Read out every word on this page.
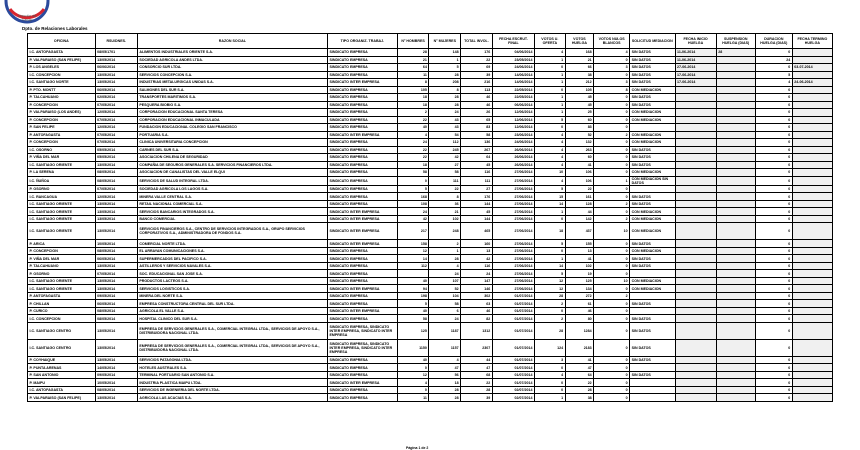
Dirección del
Trabajo
Dpto. de Relaciones Laborales
OFICINA	RSU/DNES.	RAZON SOCIAL	TIPO ORGANIZ. TRABAJ.	N° HOMBRES	N° MUJERES	TOTAL INVOL.	FECHA ESCRUT. FINAL	VOTOS U. OFERTA	VOTOS HUELGA	VOTOS NULOS BLANCOS	SOLICITUD MEDIACION	FECHA INICIO HUELGA	SUSPENSION HUELGA (DIAS)	DURACION HUELGA (DIAS)	FECHA TERMINO HUELGA
I.C. ANTOFAGASTA	08/05/1701	ALIMENTOS INDUSTRIALES ORIENTE S.A.	SINDICATO EMPRESA	28	148	176	04/06/2014	4	168	4	SIN DATOS	11-06-2014	28	0	
P. VALPARAISO (SAN FELIPE)	13/05/2014	SOCIEDAD AGRICOLA ANDES LTDA.	SINDICATO EMPRESA	21	1	22	23/05/2014	1	21	0	SIN DATOS	11-06-2014		24	
P. LOS ANGELES	06/06/2014	CONSORCIO SUR LTDA.	SINDICATO EMPRESA	64	5	69	24/06/2014	0	66	3	SIN DATOS	27-06-2014		0	03-07-2014
I.C. CONCEPCION	13/05/2014	SERVICIOS CONCEPCION S.A.	SINDICATO EMPRESA	11	28	39	14/06/2014	1	38	0	SIN DATOS	17-06-2014		5	
I.C. SANTIAGO NORTE	13/05/2014	INDUSTRIAS METALURGICAS UNIDAS S.A.	SINDICATO INTER EMPRESA	8	208	216	14/06/2014	1	212	3	SIN DATOS	17-06-2014		4	24-06-2014
P. PTO. MONTT	06/05/2014	SALMONES DEL SUR S.A.	SINDICATO EMPRESA	105	8	113	22/05/2014	0	105	8	CON MEDIACION			0	
P. TALCAHUANO	02/05/2014	TRANSPORTES MARITIMOS S.A.	SINDICATO EMPRESA	18	28	46	22/05/2014	1	45	0	SIN DATOS			0	
P. CONCEPCION	07/05/2014	PESQUERA BIOBIO S.A.	SINDICATO EMPRESA	18	28	46	06/06/2014	1	45	0	SIN DATOS			0	
P. VALPARAISO (LOS ANDES)	12/05/2014	CORPORACION EDUCACIONAL SANTA TERESA	SINDICATO EMPRESA	2	24	26	12/06/2014	1	25	0	CON MEDIACION			0	
P. CONCEPCION	07/05/2014	CORPORACION EDUCACIONAL INMACULADA	SINDICATO EMPRESA	22	43	65	12/06/2014	5	60	0	CON MEDIACION			0	
P. SAN FELIPE	12/05/2014	FUNDACION EDUCACIONAL COLEGIO SAN FRANCISCO	SINDICATO EMPRESA	40	43	83	12/06/2014	0	83	0				0	
P. ANTOFAGASTA	07/05/2014	PORTUARIA S.A.	SINDICATO INTER EMPRESA	4	54	58	23/06/2014	4	52	2	CON MEDIACION			0	
P. CONCEPCION	07/05/2014	CLINICA UNIVERSITARIA CONCEPCION	SINDICATO EMPRESA	24	112	136	24/06/2014	4	132	0	CON MEDIACION			0	
I.C. OSORNO	05/05/2014	CARNES DEL SUR S.A.	SINDICATO EMPRESA	22	245	267	26/06/2014	4	263	0	SIN DATOS			0	
P. VIÑA DEL MAR	05/05/2014	ASOCIACION CHILENA DE SEGURIDAD	SINDICATO EMPRESA	22	42	64	26/06/2014	4	60	0	SIN DATOS			0	
I.C. SANTIAGO ORIENTE	13/05/2014	COMPAÑIA DE SEGUROS GENERALES S.A. SERVICIOS FINANCIEROS LTDA.	SINDICATO EMPRESA	18	27	45	26/06/2014	4	41	0	SIN DATOS			0	
P. LA SERENA	08/05/2014	ASOCIACION DE CANALISTAS DEL VALLE ELQUI	SINDICATO EMPRESA	58	58	116	27/06/2014	10	106	0	CON MEDIACION			0	
I.C. ÑUÑOA	08/05/2014	SERVICIOS DE SALUD INTEGRAL LTDA.	SINDICATO EMPRESA	0	111	111	27/06/2014	4	106	1	CON MEDIACION SIN DATOS			0	
P. OSORNO	07/05/2014	SOCIEDAD AGRICOLA LOS LAGOS S.A.	SINDICATO EMPRESA	5	22	27	27/06/2014	5	22	0				0	
I.C. RANCAGUA	12/05/2014	MINERA VALLE CENTRAL S.A.	SINDICATO EMPRESA	168	8	176	27/06/2014	15	161	0	SIN DATOS			0	
I.C. SANTIAGO ORIENTE	13/05/2014	RETAIL NACIONAL COMERCIAL S.A.	SINDICATO EMPRESA	108	36	144	27/06/2014	14	128	2	SIN DATOS			0	
I.C. SANTIAGO ORIENTE	13/05/2014	SERVICIOS BANCARIOS INTEGRADOS S.A.	SINDICATO INTER EMPRESA	24	21	45	27/06/2014	1	44	0	CON MEDIACION			0	
I.C. SANTIAGO ORIENTE	13/05/2014	BANCO COMERCIAL	SINDICATO INTER EMPRESA	42	102	144	27/06/2014	0	142	2	CON MEDIACION			0	
I.C. SANTIAGO ORIENTE	13/05/2014	SERVICIOS FINANCIEROS S.A., CENTRO DE SERVICIOS INTEGRADOS S.A., GRUPO SERVICIOS CORPORATIVOS S.A., ADMINISTRADORA DE FONDOS S.A.	SINDICATO INTER EMPRESA	217	248	465	27/06/2014	18	437	10	CON MEDIACION			0	
P. ARICA	10/05/2014	COMERCIAL NORTE LTDA.	SINDICATO INTER EMPRESA	158	2	160	27/06/2014	5	155	0	SIN DATOS			0	
P. CONCEPCION	08/05/2014	EL ARRAYAN COMUNICACIONES S.A.	SINDICATO EMPRESA	12	1	13	27/06/2014	0	13	0	CON MEDIACION			0	
P. VIÑA DEL MAR	06/05/2014	SUPERMERCADOS DEL PACIFICO S.A.	SINDICATO EMPRESA	14	28	42	27/06/2014	1	41	0	SIN DATOS			0	
P. TALCAHUANO	13/05/2014	ASTILLEROS Y SERVICIOS NAVALES S.A.	SINDICATO EMPRESA	112	4	116	27/06/2014	14	102	0	SIN DATOS			0	
P. OSORNO	07/05/2014	SOC. EDUCACIONAL SAN JOSE S.A.	SINDICATO EMPRESA		24	24	27/06/2014	5	19	0				0	
I.C. SANTIAGO ORIENTE	13/05/2014	PRODUCTOS LACTEOS S.A.	SINDICATO EMPRESA	40	107	147	27/06/2014	12	125	10	CON MEDIACION			0	
I.C. SANTIAGO ORIENTE	13/05/2014	SERVICIOS LOGISTICOS S.A.	SINDICATO INTER EMPRESA	94	52	146	27/06/2014	12	134	0	CON MEDIACION			0	
P. ANTOFAGASTA	09/05/2014	MINERA DEL NORTE S.A.	SINDICATO EMPRESA	198	104	302	01/07/2014	28	272	2				0	
P. CHILLAN	06/05/2014	EMPRESA CONSTRUCTORA CENTRAL DEL SUR LTDA.	SINDICATO EMPRESA	5	58	63	01/07/2014	2	61	0	SIN DATOS			0	
P. CURICO	08/05/2014	AGRICOLA EL VALLE S.A.	SINDICATO INTER EMPRESA	40	6	46	01/07/2014	0	46	0				0	
I.C. CONCEPCION	08/05/2014	HOSPITAL CLINICO DEL SUR S.A.	SINDICATO EMPRESA	58	24	82	01/07/2014	2	80	0	SIN DATOS			0	
I.C. SANTIAGO CENTRO	13/05/2014	EMPRESA DE SERVICIOS GENERALES S.A., COMERCIAL INTEGRAL LTDA., SERVICIOS DE APOYO S.A., DISTRIBUIDORA NACIONAL LTDA.	SINDICATO EMPRESA, SINDICATO INTER EMPRESA, SINDICATO INTER EMPRESA	125	1187	1312	01/07/2014	28	1284	0	SIN DATOS			0	
I.C. SANTIAGO CENTRO	13/05/2014	EMPRESA DE SERVICIOS GENERALES S.A., COMERCIAL INTEGRAL LTDA., SERVICIOS DE APOYO S.A., DISTRIBUIDORA NACIONAL LTDA.	SINDICATO EMPRESA, SINDICATO INTER EMPRESA, SINDICATO INTER EMPRESA	1150	1157	2307	01/07/2014	124	2183	0	SIN DATOS			0	
P. COYHAIQUE	13/05/2014	SERVICIOS PATAGONIA LTDA.	SINDICATO EMPRESA	40	4	44	01/07/2014	3	41	0	SIN DATOS			0	
P. PUNTA ARENAS	14/05/2014	HOTELES AUSTRALES S.A.	SINDICATO EMPRESA	0	47	47	01/07/2014	0	47	0				0	
P. SAN ANTONIO	09/05/2014	TERMINAL PORTUARIO SAN ANTONIO S.A.	SINDICATO EMPRESA	12	56	68	01/07/2014	4	64	0	SIN DATOS			0	
P. MAIPU	10/05/2014	INDUSTRIA PLASTICA MAIPU LTDA.	SINDICATO INTER EMPRESA	4	18	22	01/07/2014	0	22	0				0	
I.C. ANTOFAGASTA	08/05/2014	SERVICIOS DE INGENIERIA DEL NORTE LTDA.	SINDICATO EMPRESA	0	28	28	02/07/2014	0	28	0				0	
P. VALPARAISO (SAN FELIPE)	13/05/2014	AGRICOLA LAS ACACIAS S.A.	SINDICATO EMPRESA	11	28	39	02/07/2014	1	38	0				0	
Página 1 de 2
